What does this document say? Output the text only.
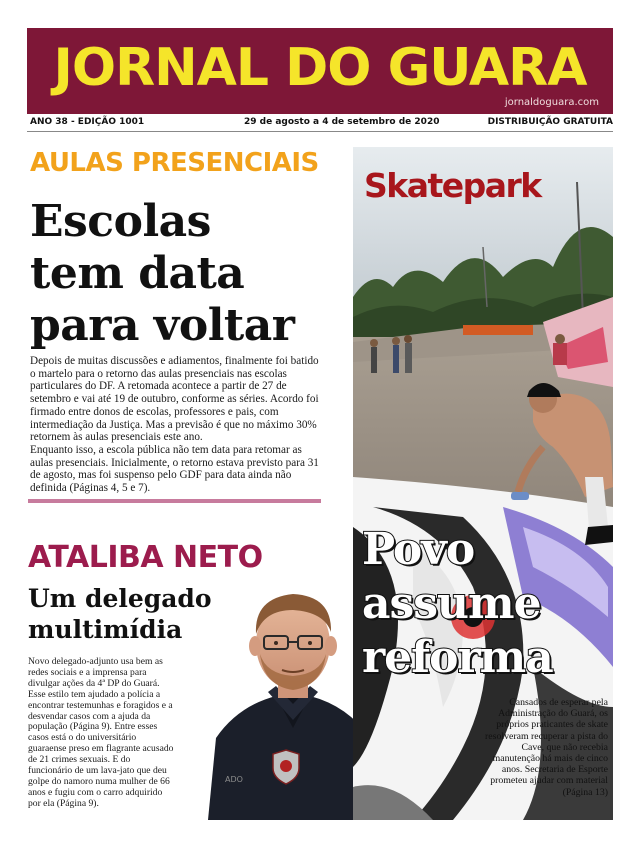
JORNAL DO GUARA
jornaldoguara.com
ANO 38 - EDIÇÃO 1001	29 de agosto a 4 de setembro de 2020	DISTRIBUIÇÃO GRATUITA
AULAS PRESENCIAIS
Escolas
tem data
para voltar

Depois de muitas discussões e adiamentos, finalmente foi batido o martelo para o retorno das aulas presenciais nas escolas particulares do DF. A retomada acontece a partir de 27 de setembro e vai até 19 de outubro, conforme as séries. Acordo foi firmado entre donos de escolas, professores e pais, com intermediação da Justiça. Mas a previsão é que no máximo 30% retornem às aulas presenciais este ano.

Enquanto isso, a escola pública não tem data para retomar as aulas presenciais. Inicialmente, o retorno estava previsto para 31 de agosto, mas foi suspenso pelo GDF para data ainda não definida (Páginas 4, 5 e 7).

ATALIBA NETO
Um delegado
multimídia
Novo delegado-adjunto usa bem as redes sociais e a imprensa para divulgar ações da 4ª DP do Guará. Esse estilo tem ajudado a polícia a encontrar testemunhas e foragidos e a desvendar casos com a ajuda da população (Página 9). Entre esses casos está o do universitário guaraense preso em flagrante acusado de 21 crimes sexuais. E do funcionário de um lava-jato que deu golpe do namoro numa mulher de 66 anos e fugiu com o carro adquirido por ela (Página 9).
ADO
Skatepark
Povo
assume
reforma
Cansados de esperar pela Administração do Guará, os próprios praticantes de skate resolveram recuperar a pista do Cave, que não recebia manutenção há mais de cinco anos. Secretaria de Esporte prometeu ajudar com material (Página 13)
